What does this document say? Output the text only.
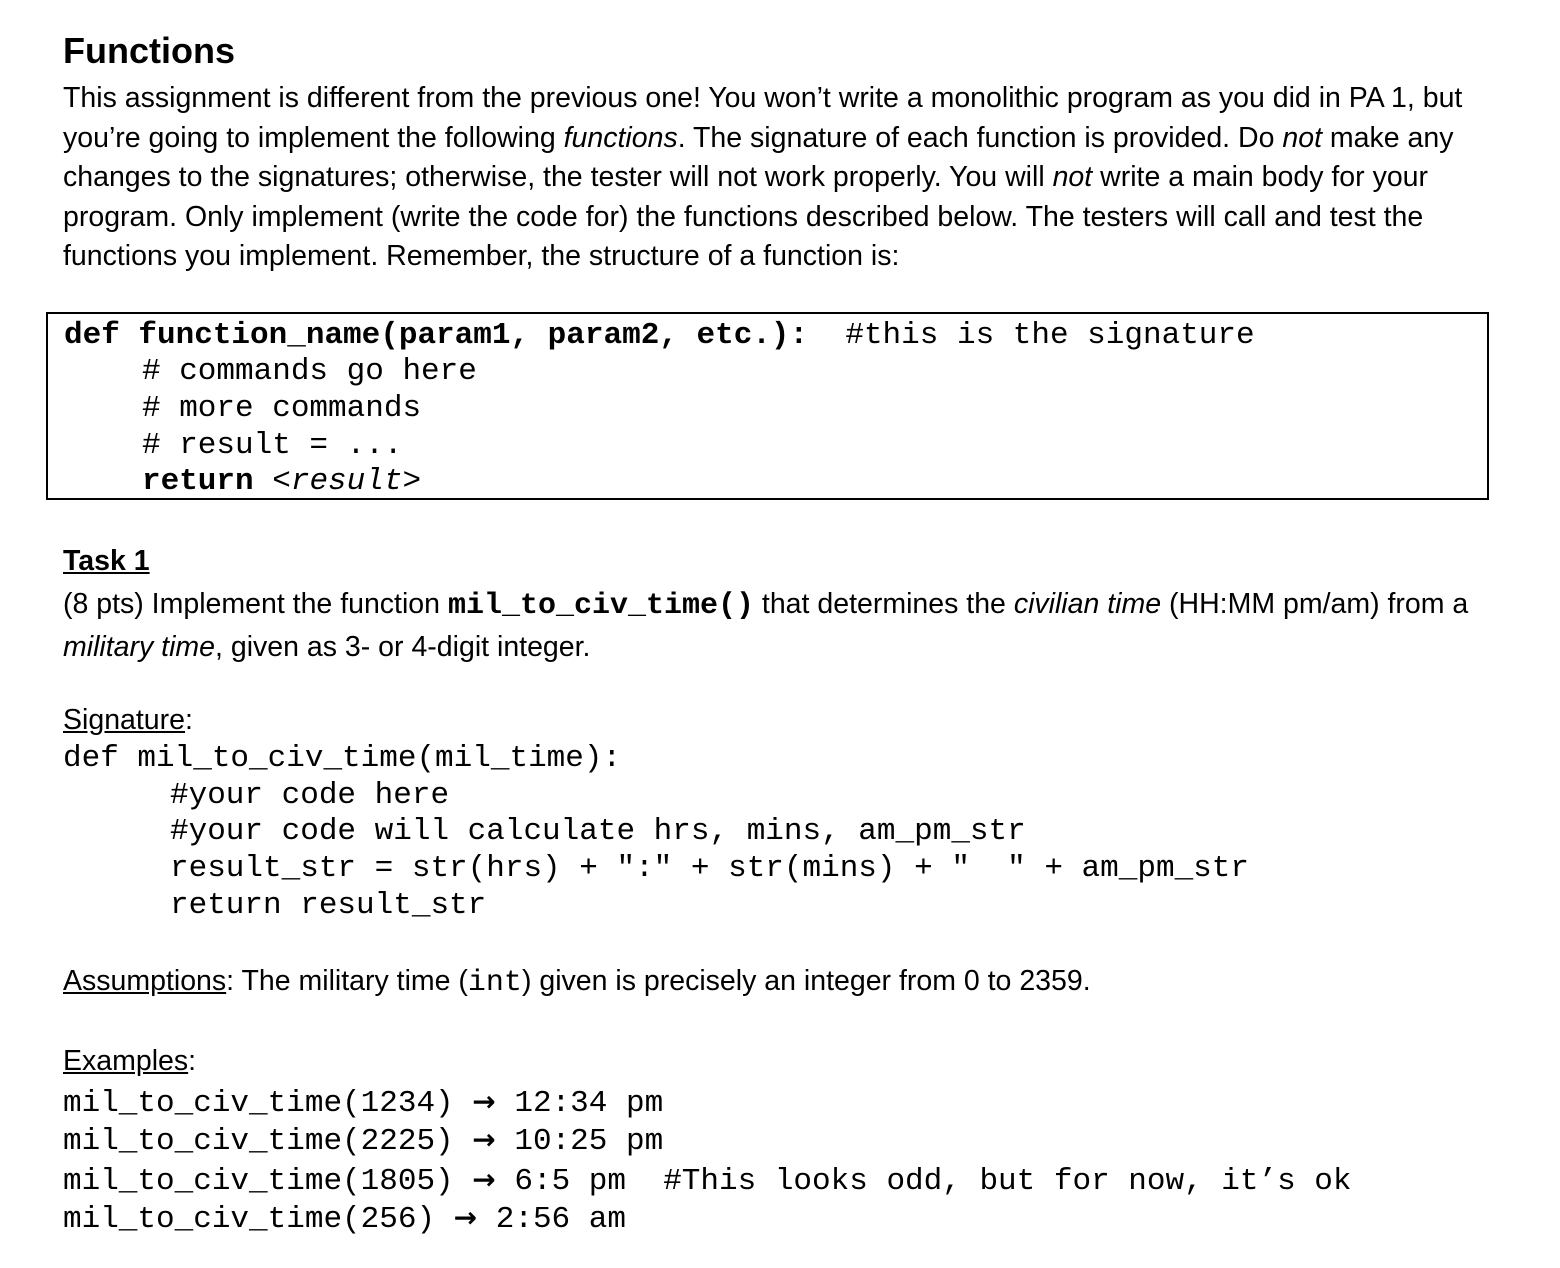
Functions
This assignment is different from the previous one! You won’t write a monolithic program as you did in PA 1, but you’re going to implement the following functions. The signature of each function is provided. Do not make any changes to the signatures; otherwise, the tester will not work properly. You will not write a main body for your program. Only implement (write the code for) the functions described below. The testers will call and test the functions you implement. Remember, the structure of a function is:
def function_name(param1, param2, etc.): #this is the signature
# commands go here
# more commands
# result = ...
return <result>
Task 1
(8 pts) Implement the function mil_to_civ_time() that determines the civilian time (HH:MM pm/am) from a military time, given as 3- or 4-digit integer.
Signature:
def mil_to_civ_time(mil_time):
#your code here
#your code will calculate hrs, mins, am_pm_str
result_str = str(hrs) + ":" + str(mins) + "  " + am_pm_str
return result_str
Assumptions: The military time (int) given is precisely an integer from 0 to 2359.
Examples:
mil_to_civ_time(1234) → 12:34 pm
mil_to_civ_time(2225) → 10:25 pm
mil_to_civ_time(1805) → 6:5 pm #This looks odd, but for now, it’s ok
mil_to_civ_time(256) → 2:56 am
